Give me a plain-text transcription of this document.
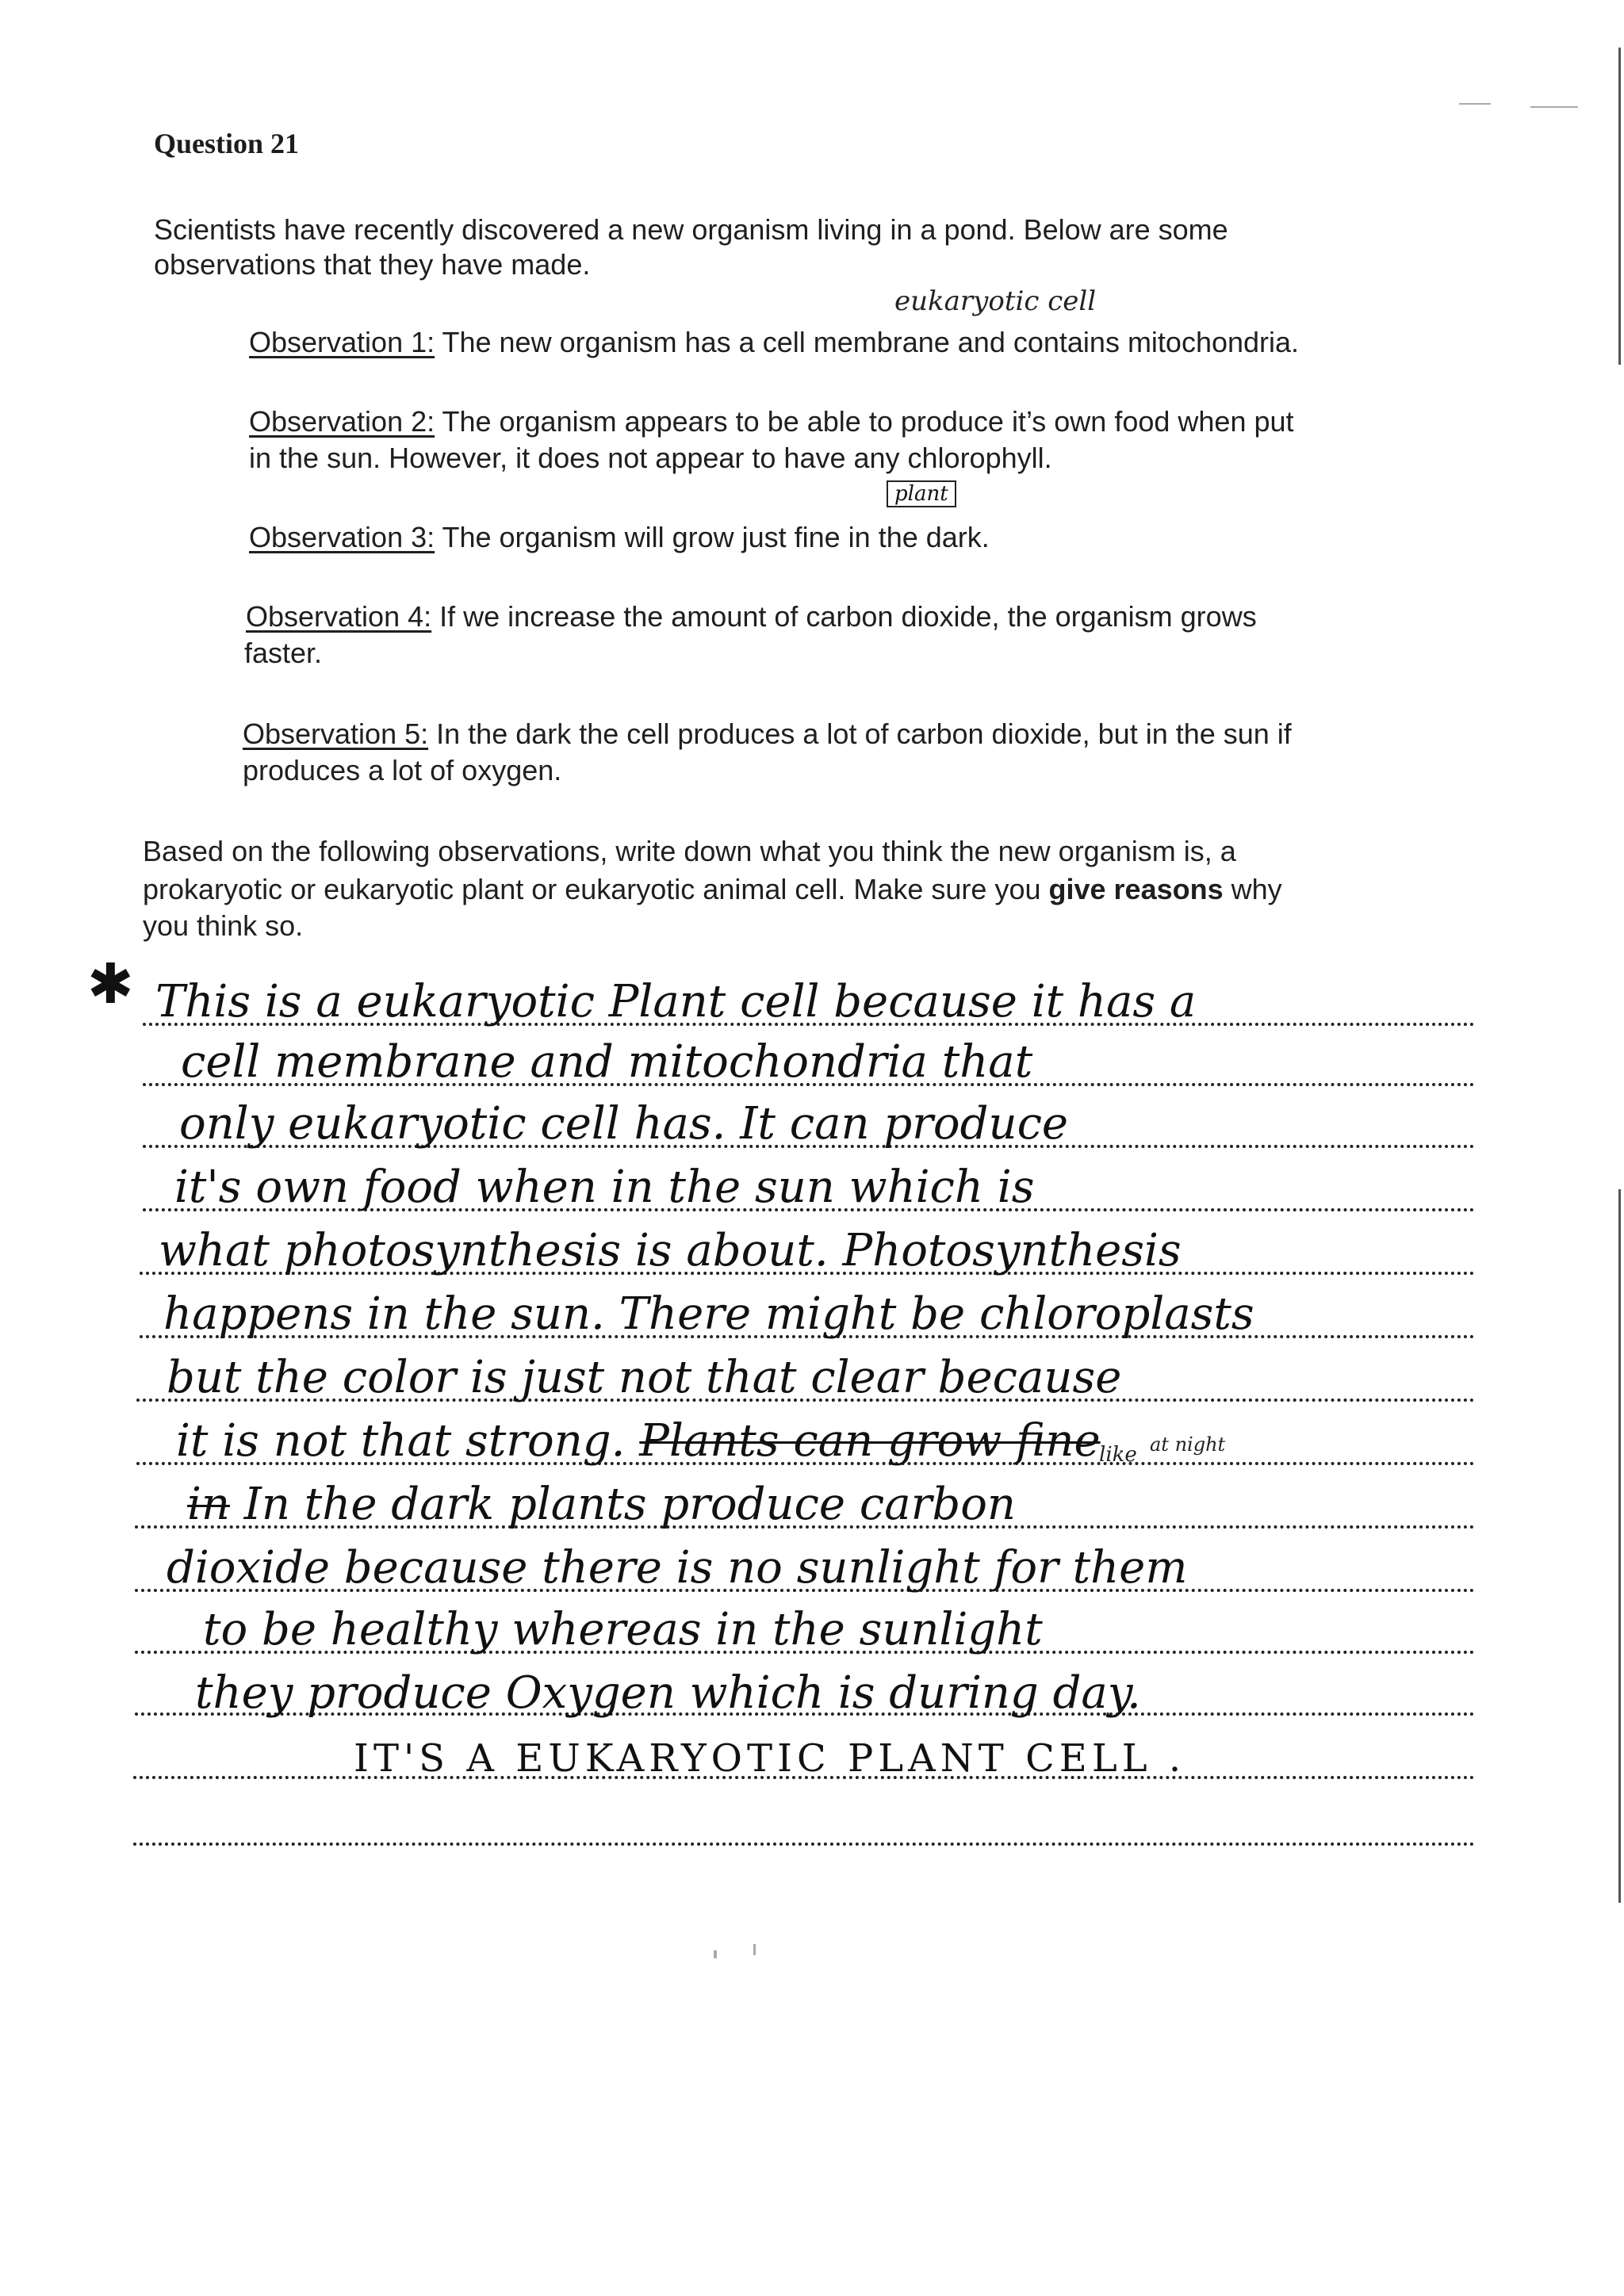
Question 21
Scientists have recently discovered a new organism living in a pond. Below are some
observations that they have made.
eukaryotic cell
Observation 1: The new organism has a cell membrane and contains mitochondria.
Observation 2: The organism appears to be able to produce it’s own food when put
in the sun. However, it does not appear to have any chlorophyll.
plant
Observation 3: The organism will grow just fine in the dark.
Observation 4: If we increase the amount of carbon dioxide, the organism grows
faster.
Observation 5: In the dark the cell produces a lot of carbon dioxide, but in the sun if
produces a lot of oxygen.
Based on the following observations, write down what you think the new organism is, a
prokaryotic or eukaryotic plant or eukaryotic animal cell. Make sure you give reasons why
you think so.
✱ This is a eukaryotic Plant cell because it has a
cell membrane and mitochondria that
only eukaryotic cell has. It can produce
it's own food when in the sun which is
what photosynthesis is about. Photosynthesis
happens in the sun. There might be chloroplasts
but the color is just not that clear because
it is not that strong. Plants can grow fine
like at night
in In the dark plants produce carbon
dioxide because there is no sunlight for them
to be healthy whereas in the sunlight
they produce Oxygen which is during day.
IT'S A EUKARYOTIC PLANT CELL .
